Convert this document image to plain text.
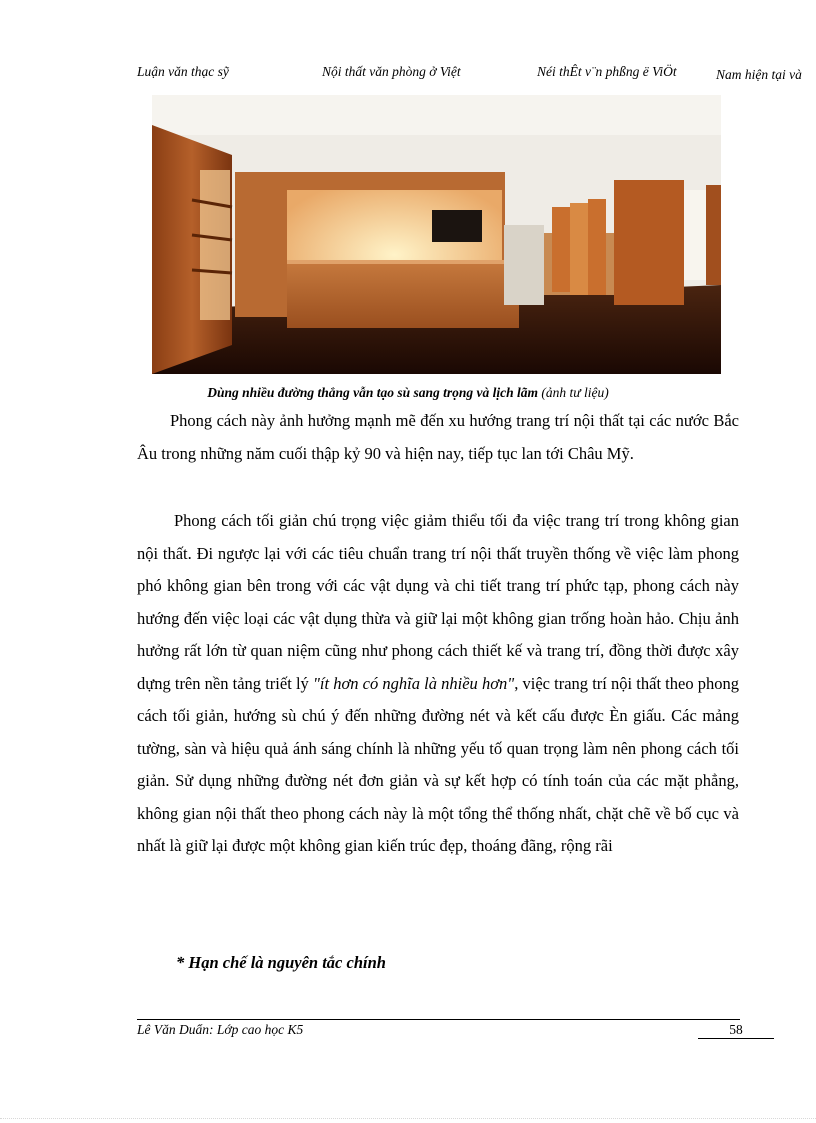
Luận văn thạc sỹ	Nội thất văn phòng ở Việt	Néi thÊt v¨n phßng ë ViÖt	Nam hiện tại và
Dùng nhiều đường thẳng vẫn tạo sù sang trọng và lịch lãm (ảnh tư liệu)
Phong cách này ảnh hưởng mạnh mẽ đến xu hướng trang trí nội thất tại các nước Bắc Âu trong những năm cuối thập kỷ 90 và hiện nay, tiếp tục lan tới Châu Mỹ.
Phong cách tối giản chú trọng việc giảm thiểu tối đa việc trang trí trong không gian nội thất. Đi ngược lại với các tiêu chuẩn trang trí nội thất truyền thống về việc làm phong phó không gian bên trong với các vật dụng và chi tiết trang trí phức tạp, phong cách này hướng đến việc loại các vật dụng thừa và giữ lại một không gian trống hoàn hảo. Chịu ảnh hưởng rất lớn từ quan niệm cũng như phong cách thiết kế và trang trí, đồng thời được xây dựng trên nền tảng triết lý "ít hơn có nghĩa là nhiều hơn", việc trang trí nội thất theo phong cách tối giản, hướng sù chú ý đến những đường nét và kết cấu được Èn giấu. Các mảng tường, sàn và hiệu quả ánh sáng chính là những yếu tố quan trọng làm nên phong cách tối giản. Sử dụng những đường nét đơn giản và sự kết hợp có tính toán của các mặt phẳng, không gian nội thất theo phong cách này là một tổng thể thống nhất, chặt chẽ về bố cục và nhất là giữ lại được một không gian kiến trúc đẹp, thoáng đãng, rộng rãi
* Hạn chế là nguyên tắc chính
Lê Văn Duẩn: Lớp cao học K5	58
